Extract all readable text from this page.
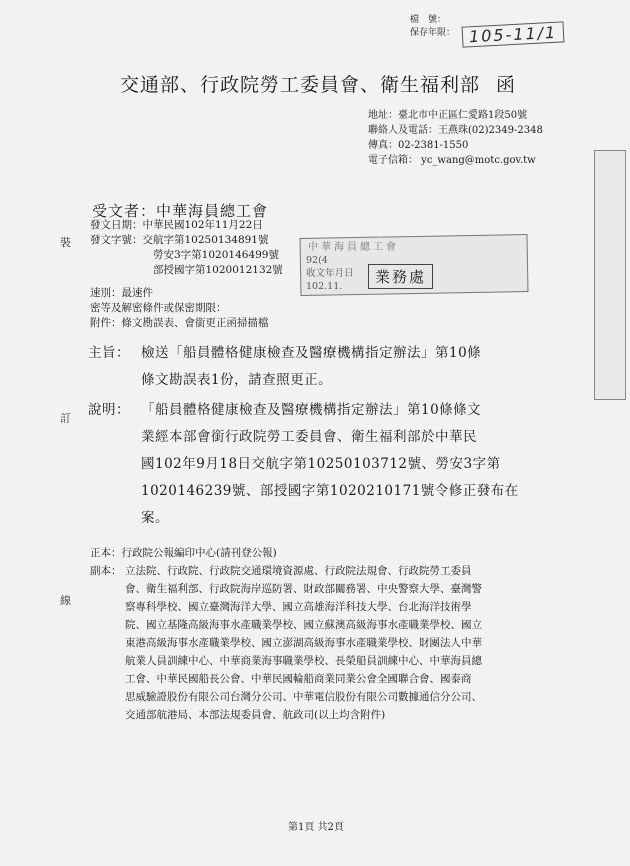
檔　號：
保存年限： 105-11/1
交通部、行政院勞工委員會、衛生福利部 函
地址：臺北市中正區仁愛路1段50號
聯絡人及電話：王燕珠(02)2349-2348
傳真：02-2381-1550
電子信箱： yc_wang@motc.gov.tw
裝
訂
線
受文者：中華海員總工會
發文日期：中華民國102年11月22日
發文字號：交航字第10250134891號
勞安3字第1020146499號
部授國字第1020012132號
中華海員總工會
92(4
收文年月日
102.11.
業務處
速別：最速件
密等及解密條件或保密期限：
附件：條文勘誤表、會銜更正函掃描檔
主旨： 檢送「船員體格健康檢查及醫療機構指定辦法」第10條
條文勘誤表1份，請查照更正。
說明： 「船員體格健康檢查及醫療機構指定辦法」第10條條文
業經本部會銜行政院勞工委員會、衛生福利部於中華民
國102年9月18日交航字第10250103712號、勞安3字第
1020146239號、部授國字第1020210171號令修正發布在
案。
正本：行政院公報編印中心(請刊登公報)
副本： 立法院、行政院、行政院交通環境資源處、行政院法規會、行政院勞工委員
會、衛生福利部、行政院海岸巡防署、財政部關務署、中央警察大學、臺灣警
察專科學校、國立臺灣海洋大學、國立高雄海洋科技大學、台北海洋技術學
院、國立基隆高級海事水產職業學校、國立蘇澳高級海事水產職業學校、國立
東港高級海事水產職業學校、國立澎湖高級海事水產職業學校、財團法人中華
航業人員訓練中心、中華商業海事職業學校、長榮船員訓練中心、中華海員總
工會、中華民國船長公會、中華民國輪船商業同業公會全國聯合會、國泰商
思威驗證股份有限公司台灣分公司、中華電信股份有限公司數據通信分公司、
交通部航港局、本部法規委員會、航政司(以上均含附件)
第1頁 共2頁
